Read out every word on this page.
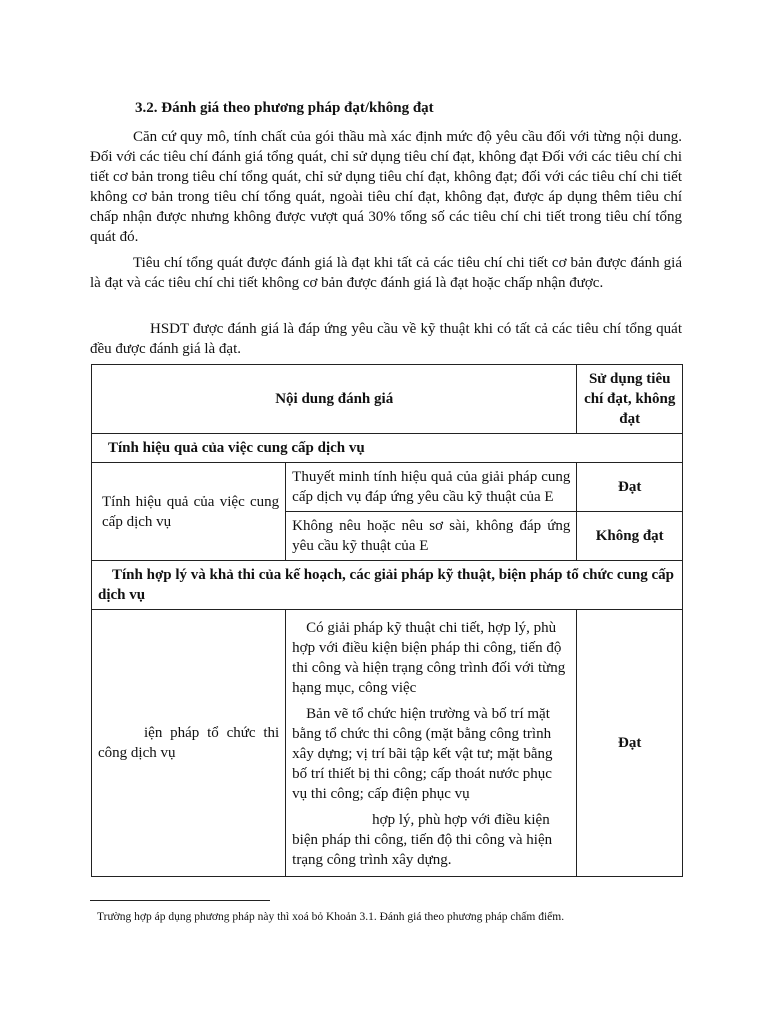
3.2. Đánh giá theo phương pháp đạt/không đạt

Căn cứ quy mô, tính chất của gói thầu mà xác định mức độ yêu cầu đối với từng nội dung. Đối với các tiêu chí đánh giá tổng quát, chỉ sử dụng tiêu chí đạt, không đạt Đối với các tiêu chí chi tiết cơ bản trong tiêu chí tổng quát, chỉ sử dụng tiêu chí đạt, không đạt; đối với các tiêu chí chi tiết không cơ bản trong tiêu chí tổng quát, ngoài tiêu chí đạt, không đạt, được áp dụng thêm tiêu chí chấp nhận được nhưng không được vượt quá 30% tổng số các tiêu chí chi tiết trong tiêu chí tổng quát đó.

Tiêu chí tổng quát được đánh giá là đạt khi tất cả các tiêu chí chi tiết cơ bản được đánh giá là đạt và các tiêu chí chi tiết không cơ bản được đánh giá là đạt hoặc chấp nhận được.

HSDT được đánh giá là đáp ứng yêu cầu về kỹ thuật khi có tất cả các tiêu chí tổng quát đều được đánh giá là đạt.

Nội dung đánh giá		Sử dụng tiêu chí đạt, không đạt
Tính hiệu quả của việc cung cấp dịch vụ		
Tính hiệu quả của việc cung cấp dịch vụ	Thuyết minh tính hiệu quả của giải pháp cung cấp dịch vụ đáp ứng yêu cầu kỹ thuật của E	Đạt
	Không nêu hoặc nêu sơ sài, không đáp ứng yêu cầu kỹ thuật của E	Không đạt
Tính hợp lý và khả thi của kế hoạch, các giải pháp kỹ thuật, biện pháp tổ chức cung cấp dịch vụ		
iện pháp tổ chức thi công dịch vụ	Có giải pháp kỹ thuật chi tiết, hợp lý, phù hợp với điều kiện biện pháp thi công, tiến độ thi công và hiện trạng công trình đối với từng hạng mục, công việc

Bản vẽ tổ chức hiện trường và bố trí mặt bằng tổ chức thi công (mặt bằng công trình xây dựng; vị trí bãi tập kết vật tư; mặt bằng bố trí thiết bị thi công; cấp thoát nước phục vụ thi công; cấp điện phục vụ

hợp lý, phù hợp với điều kiện biện pháp thi công, tiến độ thi công và hiện trạng công trình xây dựng.	Đạt

Trường hợp áp dụng phương pháp này thì xoá bỏ Khoản 3.1. Đánh giá theo phương pháp chấm điểm.
